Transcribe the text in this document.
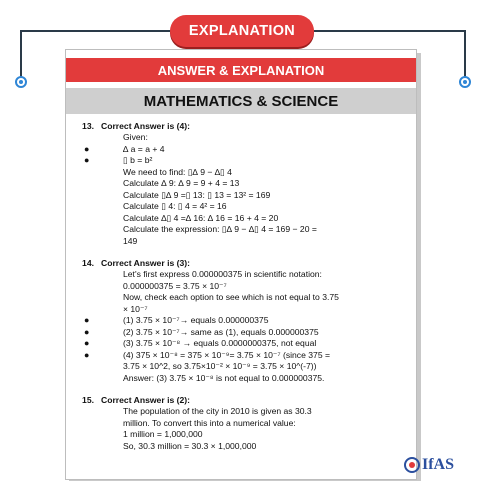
EXPLANATION
ANSWER & EXPLANATION
MATHEMATICS & SCIENCE
13. Correct Answer is (4):
Given:
●	∆ a = a + 4
●	▯ b = b²
We need to find: ▯∆ 9 − ∆▯ 4
Calculate ∆ 9: ∆ 9 = 9 + 4 = 13
Calculate ▯∆ 9 =▯ 13: ▯ 13 = 13² = 169
Calculate ▯ 4: ▯ 4 = 4² = 16
Calculate ∆▯ 4 =∆ 16: ∆ 16 = 16 + 4 = 20
Calculate the expression: ▯∆ 9 − ∆▯ 4 = 169 − 20 =
149
14. Correct Answer is (3):
Let's first express 0.000000375 in scientific notation:
0.000000375 = 3.75 × 10⁻⁷
Now, check each option to see which is not equal to 3.75
× 10⁻⁷
●	(1) 3.75 × 10⁻⁷→ equals 0.000000375
●	(2) 3.75 × 10⁻⁷→ same as (1), equals 0.000000375
●	(3) 3.75 × 10⁻⁸ → equals 0.0000000375, not equal
●	(4) 375 × 10⁻⁸ = 375 × 10⁻⁹= 3.75 × 10⁻⁷ (since 375 =
3.75 × 10^2, so 3.75×10⁻² × 10⁻⁹ = 3.75 × 10^(-7))
Answer: (3) 3.75 × 10⁻⁸ is not equal to 0.000000375.
15. Correct Answer is (2):
The population of the city in 2010 is given as 30.3
million. To convert this into a numerical value:
1 million = 1,000,000
So, 30.3 million = 30.3 × 1,000,000
IfAS
